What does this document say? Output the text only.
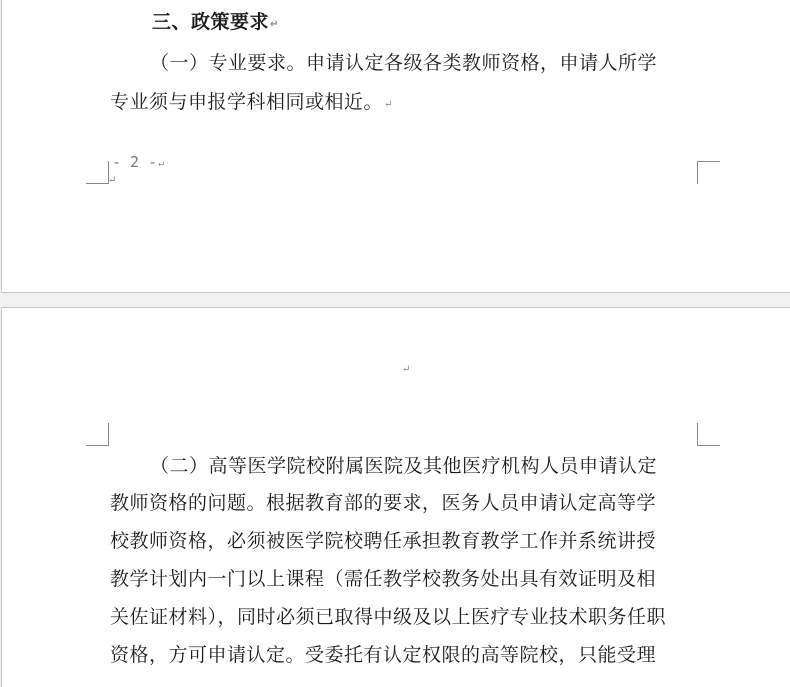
三、政策要求↵
（一）专业要求。申请认定各级各类教师资格，申请人所学
专业须与申报学科相同或相近。↵
- 2 -↵
↵
↵
（二）高等医学院校附属医院及其他医疗机构人员申请认定
教师资格的问题。根据教育部的要求，医务人员申请认定高等学
校教师资格，必须被医学院校聘任承担教育教学工作并系统讲授
教学计划内一门以上课程（需任教学校教务处出具有效证明及相
关佐证材料），同时必须已取得中级及以上医疗专业技术职务任职
资格，方可申请认定。受委托有认定权限的高等院校，只能受理
